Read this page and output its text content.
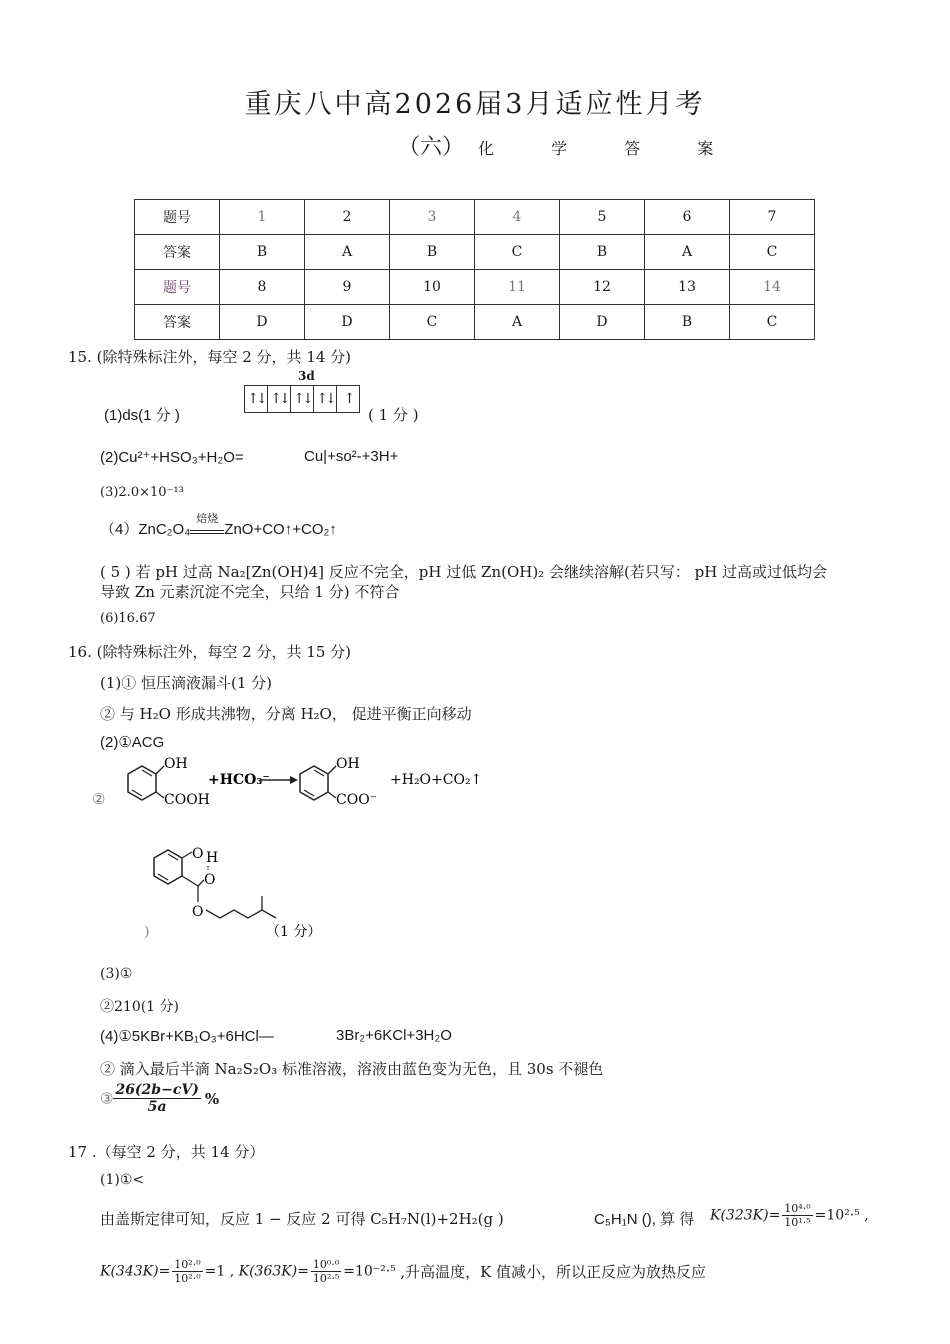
重庆八中高2026届3月适应性月考
（六） 化 学 答 案
题号	1	2	3	4	5	6	7
答案	B	A	B	C	B	A	C
题号	8	9	10	11	12	13	14
答案	D	D	C	A	D	B	C
15. (除特殊标注外，每空 2 分，共 14 分)
(1)ds(1 分 )
3d
↑↓ ↑↓ ↑↓ ↑↓ ↑
( 1 分 )
(2)Cu²⁺+HSO₃+H₂O=	Cu|+so²-+3H+
(3)2.0×10⁻¹³
（4）ZnC₂O₄
焙烧
ZnO+CO↑+CO₂↑
( 5 ) 若 pH 过高 Na₂[Zn(OH)4] 反应不完全，pH 过低 Zn(OH)₂ 会继续溶解(若只写： pH 过高或过低均会
导致 Zn 元素沉淀不完全，只给 1 分) 不符合
(6)16.67
16. (除特殊标注外，每空 2 分，共 15 分)
(1)① 恒压滴液漏斗(1 分)
② 与 H₂O 形成共沸物，分离 H₂O， 促进平衡正向移动
(2)①ACG
②
OH
COOH
+HCO₃⁻
OH
COO⁻
+H₂O+CO₂↑
O H
O
O
)	（1 分）
(3)①
②210(1 分)
(4)①5KBr+KB₁O₃+6HCl—	3Br₂+6KCl+3H₂O
② 滴入最后半滴 Na₂S₂O₃ 标准溶液，溶液由蓝色变为无色，且 30s 不褪色
③ $\frac{26(2b-cV)}{5a}$ %
17 .（每空 2 分，共 14 分）
(1)①<
由盖斯定律可知，反应 1 − 反应 2 可得 C₅H₇N(l)+2H₂(g )	C₅H₁N (), 算 得 $K(323K)= \frac{\text{10⁴·⁰}}{\text{10¹·⁵}} =10^2\cdot^5$ ,
$K(343K)= \frac{\text{10²·⁰}}{\text{10²·⁰}} =1$ , $K(363K)= \frac{\text{10⁰·⁰}}{\text{10²·⁵}} =10^{-2}\cdot^5$ ,升高温度，K 值减小，所以正反应为放热反应
